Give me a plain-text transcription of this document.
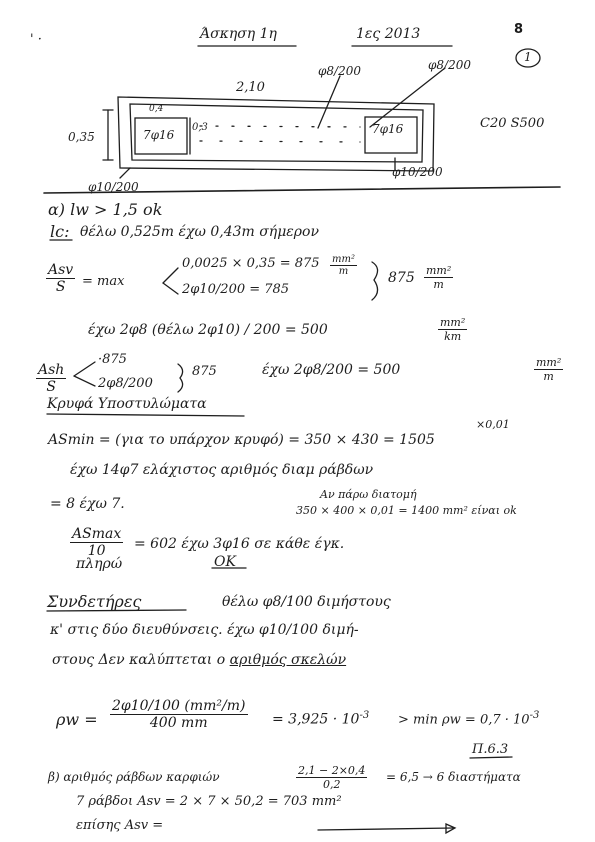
' ·	Άσκηση 1η	1ες 2013	8
1
2,10
φ8/200	φ8/200
0,4
0,3
7φ16	7φ16
0,35
C20 S500
φ10/200
φ10/200
α) lw > 1,5 ok
lc: θέλω 0,525m έχω 0,43m σήμερον
Asv
S	= max
$0,0025 \times 0,35 = 875 \frac{\text{mm²}}{m}$
2φ10/200 = 785
$875 \frac{\text{mm²}}{m}$
έχω 2φ8 (θέλω 2φ10) / 200 = 500	$\frac{\text{mm²}}{km}$
Ash
S
·875
2φ8/200
875	έχω 2φ8/200 = 500	$\frac{\text{mm²}}{m}$
Κρυφά Υποστυλώματα
×0,01
ASmin = (για το υπάρχον κρυφό) = 350 × 430 = 1505
έχω 14φ7 ελάχιστος αριθμός διαμ ράβδων
= 8 έχω 7.
Αν πάρω διατομή
350 × 400 × 0,01 = 1400 mm² είναι ok
ASmax
10	= 602 έχω 3φ16 σε κάθε έγκ.
πληρώ	OK
Συνδετήρες	θέλω φ8/100 διμήστους
κ' στις δύο διευθύνσεις. έχω φ10/100 διμή-
στους Δεν καλύπτεται ο αριθμός σκελών
$\rho w = \frac{\text{2φ10/100 (mm²/m)}}{400 mm} = 3,925 \cdot 10^{-3} > \min \rho w = 0,7 \cdot 10^{-3}$
Π.6.3
β) αριθμός ράβδων καρφιών	$\frac{2,1 - 2\times 0,4}{0,2} = 6,5 \to 6$ διαστήματα
7 ράβδοι Asv = 2 × 7 × 50,2 = 703 mm²
επίσης Asv =
